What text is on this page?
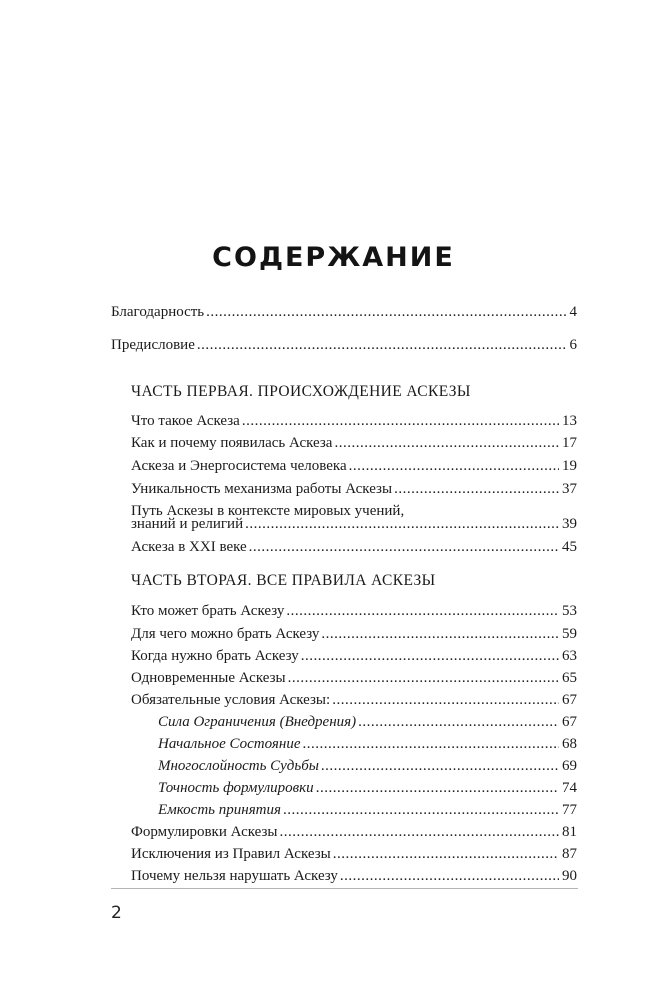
СОДЕРЖАНИЕ
Благодарность .....	4
Предисловие .....	6
ЧАСТЬ ПЕРВАЯ. ПРОИСХОЖДЕНИЕ АСКЕЗЫ
Что такое Аскеза .....	13
Как и почему появилась Аскеза .....	17
Аскеза и Энергосистема человека .....	19
Уникальность механизма работы Аскезы .....	37
Путь Аскезы в контексте мировых учений,
знаний и религий .....	39
Аскеза в XXI веке .....	45
ЧАСТЬ ВТОРАЯ. ВСЕ ПРАВИЛА АСКЕЗЫ
Кто может брать Аскезу .....	53
Для чего можно брать Аскезу .....	59
Когда нужно брать Аскезу .....	63
Одновременные Аскезы .....	65
Обязательные условия Аскезы: .....	67
Сила Ограничения (Внедрения) .....	67
Начальное Состояние .....	68
Многослойность Судьбы .....	69
Точность формулировки .....	74
Емкость принятия .....	77
Формулировки Аскезы .....	81
Исключения из Правил Аскезы .....	87
Почему нельзя нарушать Аскезу .....	90
2
